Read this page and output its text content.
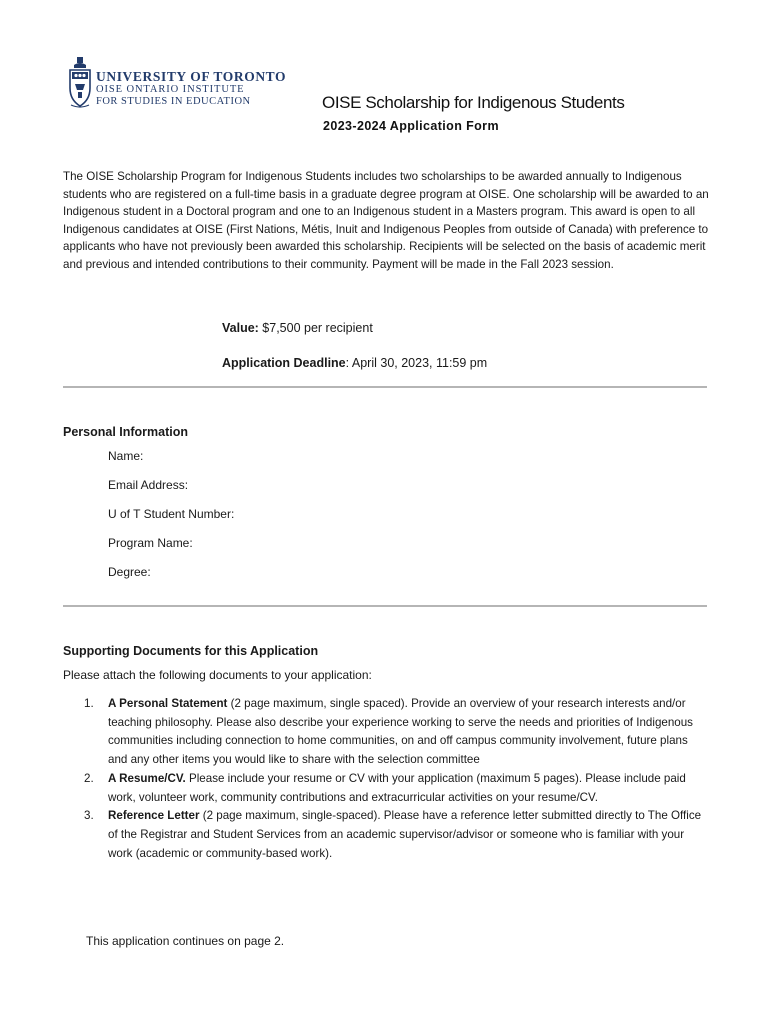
UNIVERSITY OF TORONTO
OISE ONTARIO INSTITUTE
FOR STUDIES IN EDUCATION	OISE Scholarship for Indigenous Students
2023-2024 Application Form
The OISE Scholarship Program for Indigenous Students includes two scholarships to be awarded annually to Indigenous students who are registered on a full-time basis in a graduate degree program at OISE. One scholarship will be awarded to an Indigenous student in a Doctoral program and one to an Indigenous student in a Masters program. This award is open to all Indigenous candidates at OISE (First Nations, Métis, Inuit and Indigenous Peoples from outside of Canada) with preference to applicants who have not previously been awarded this scholarship. Recipients will be selected on the basis of academic merit and previous and intended contributions to their community. Payment will be made in the Fall 2023 session.
Value: $7,500 per recipient
Application Deadline: April 30, 2023, 11:59 pm
Personal Information
Name:
Email Address:
U of T Student Number:
Program Name:
Degree:
Supporting Documents for this Application
Please attach the following documents to your application:
1. A Personal Statement (2 page maximum, single spaced). Provide an overview of your research interests and/or teaching philosophy. Please also describe your experience working to serve the needs and priorities of Indigenous communities including connection to home communities, on and off campus community involvement, future plans and any other items you would like to share with the selection committee
2. A Resume/CV. Please include your resume or CV with your application (maximum 5 pages). Please include paid work, volunteer work, community contributions and extracurricular activities on your resume/CV.
3. Reference Letter (2 page maximum, single-spaced). Please have a reference letter submitted directly to The Office of the Registrar and Student Services from an academic supervisor/advisor or someone who is familiar with your work (academic or community-based work).
This application continues on page 2.
